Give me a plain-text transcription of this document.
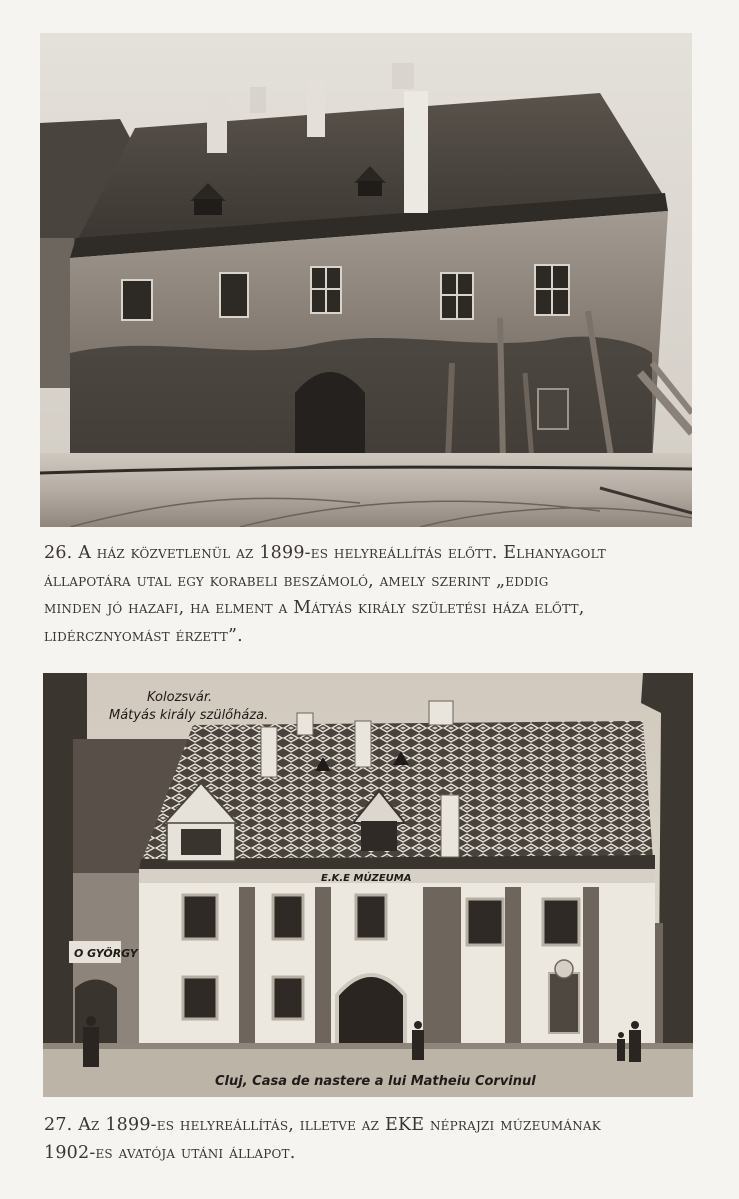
26. A ház közvetlenül az 1899-es helyreállítás előtt. Elhanyagolt
állapotára utal egy korabeli beszámoló, amely szerint „eddig
minden jó hazafi, ha elment a Mátyás király születési háza előtt,
lidércznyomást érzett”.

O GYÖRGY
E.K.E MÚZEUMA
Kolozsvár.
Mátyás király szülőháza.
Cluj, Casa de nastere a lui Matheiu Corvinul

27. Az 1899-es helyreállítás, illetve az EKE néprajzi múzeumának
1902-es avatója utáni állapot.
